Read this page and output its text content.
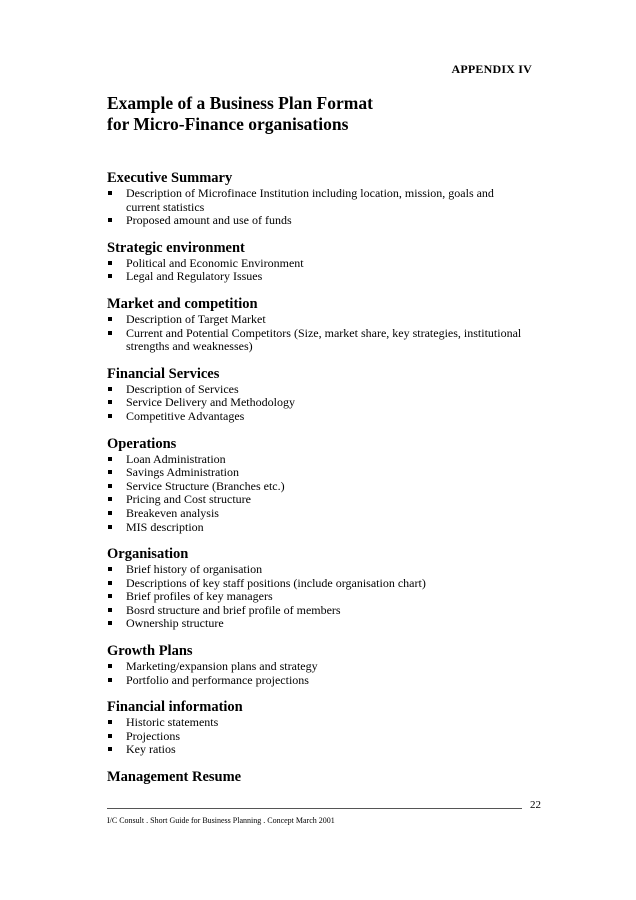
APPENDIX IV
Example of a Business Plan Format
for Micro-Finance organisations
Executive Summary
Description of Microfinace Institution including location, mission, goals and current statistics
Proposed amount and use of funds
Strategic environment
Political and Economic Environment
Legal and Regulatory Issues
Market and competition
Description of Target Market
Current and Potential Competitors (Size, market share, key strategies, institutional strengths and weaknesses)
Financial Services
Description of Services
Service Delivery and Methodology
Competitive Advantages
Operations
Loan Administration
Savings Administration
Service Structure (Branches etc.)
Pricing and Cost structure
Breakeven analysis
MIS description
Organisation
Brief history of organisation
Descriptions of key staff positions (include organisation chart)
Brief profiles of key managers
Bosrd structure and brief profile of members
Ownership structure
Growth Plans
Marketing/expansion plans and strategy
Portfolio and performance projections
Financial information
Historic statements
Projections
Key ratios
Management Resume
22
I/C Consult . Short Guide for Business Planning . Concept March 2001
